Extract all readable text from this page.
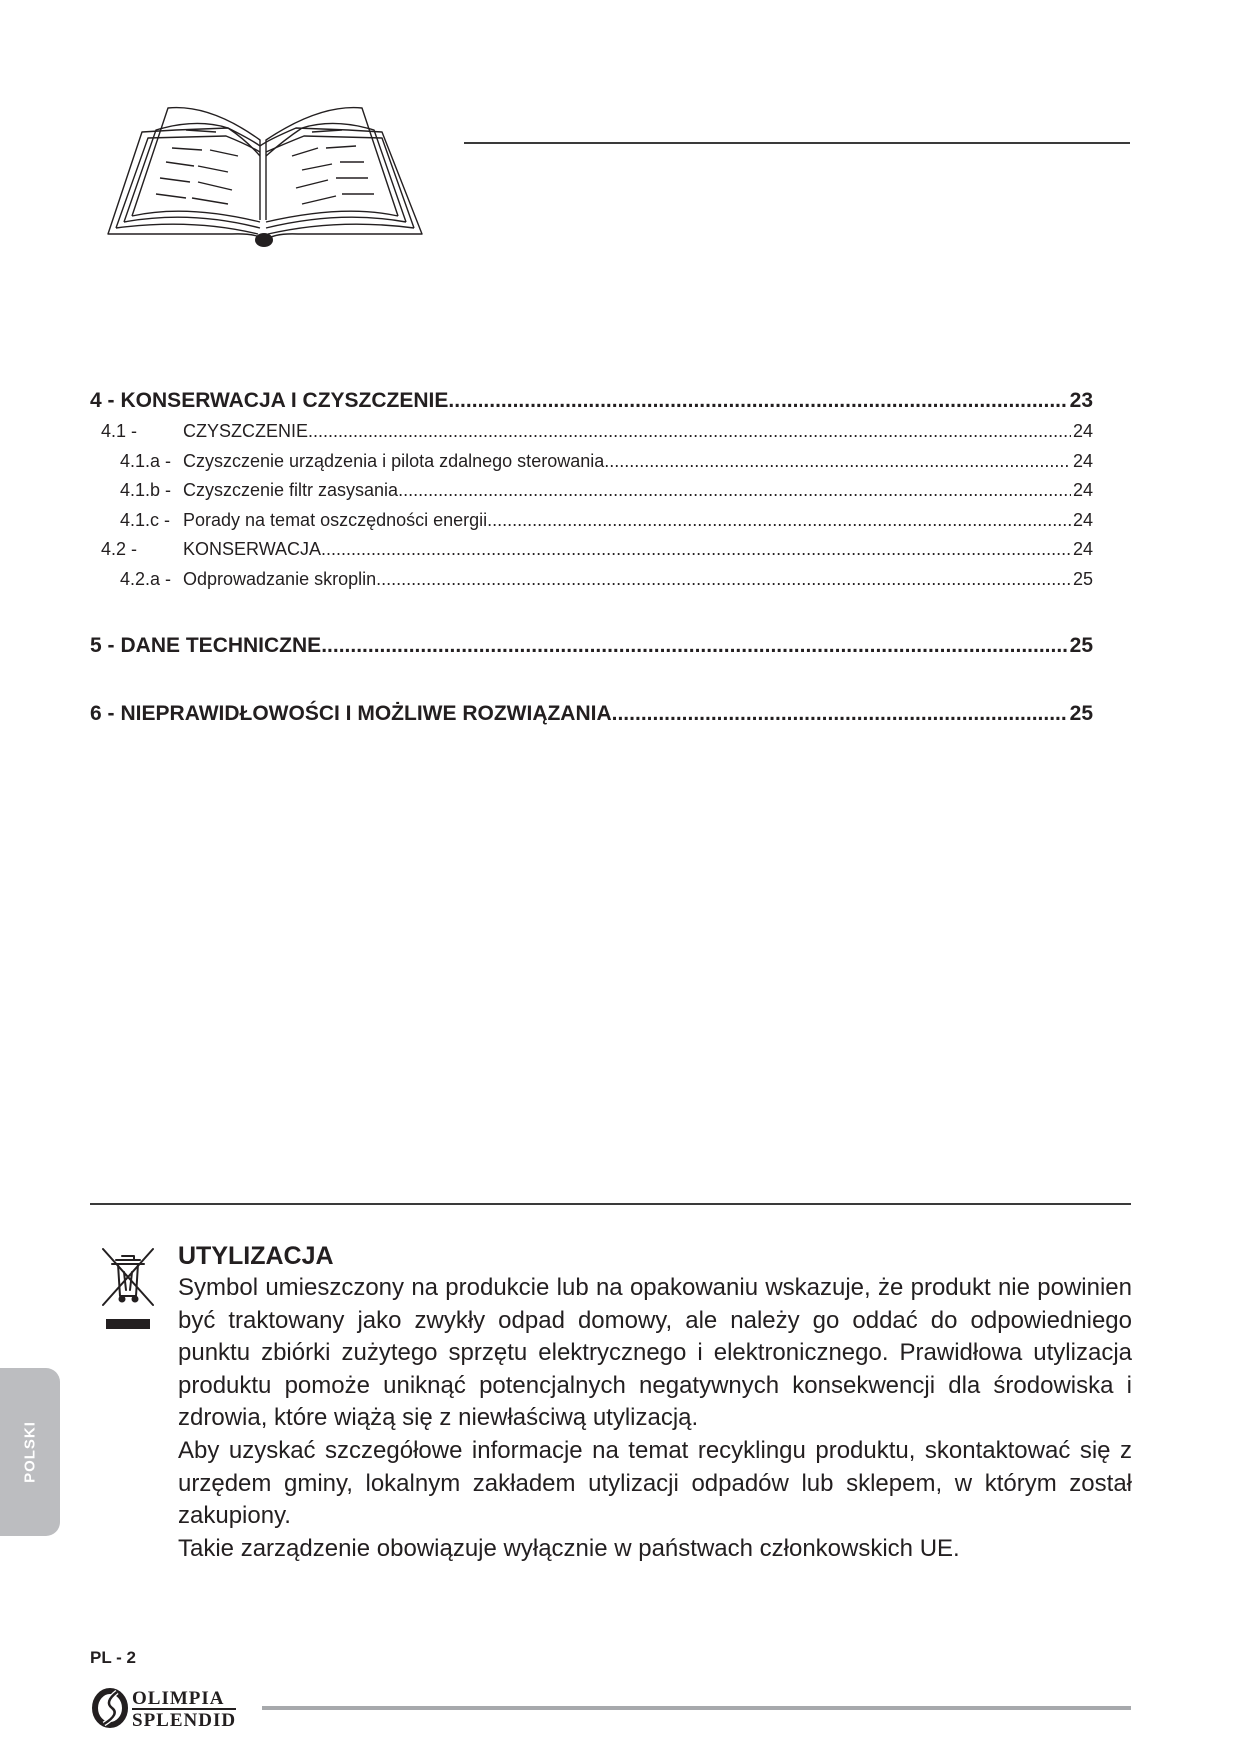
4 - KONSERWACJA I CZYSZCZENIE .....	23
4.1 -	CZYSZCZENIE .....	24
4.1.a - Czyszczenie urządzenia i pilota zdalnego sterowania .....	24
4.1.b - Czyszczenie filtr zasysania .....	24
4.1.c - Porady na temat oszczędności energii .....	24
4.2 -	KONSERWACJA .....	24
4.2.a - Odprowadzanie skroplin .....	25
5 - DANE TECHNICZNE .....	25
6 - NIEPRAWIDŁOWOŚCI I MOŻLIWE ROZWIĄZANIA .....	25
UTYLIZACJA

Symbol umieszczony na produkcie lub na opakowaniu wskazuje, że produkt nie powinien być traktowany jako zwykły odpad domowy, ale należy go oddać do odpowiedniego punktu zbiórki zużytego sprzętu elektrycznego i elektronicznego. Prawidłowa utylizacja produktu pomoże uniknąć potencjalnych negatywnych konsekwencji dla środowiska i zdrowia, które wiążą się z niewłaściwą utylizacją.

Aby uzyskać szczegółowe informacje na temat recyklingu produktu, skontaktować się z urzędem gminy, lokalnym zakładem utylizacji odpadów lub sklepem, w którym został zakupiony.

Takie zarządzenie obowiązuje wyłącznie w państwach członkowskich UE.

POLSKI
PL - 2
OLIMPIA
SPLENDID
